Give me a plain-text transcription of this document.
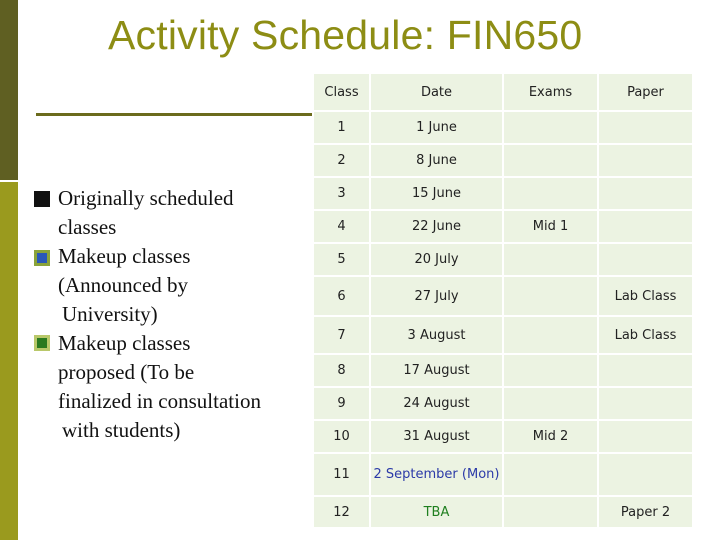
Activity Schedule: FIN650
Originally scheduled
classes
Makeup classes
(Announced by
University)
Makeup classes
proposed (To be
finalized in consultation
with students)
Class	Date	Exams	Paper
1	1 June		
2	8 June		
3	15 June		
4	22 June	Mid 1	
5	20 July		
6	27 July		Lab Class
7	3 August		Lab Class
8	17 August		
9	24 August		
10	31 August	Mid 2	
11	2 September (Mon)		
12	TBA		Paper 2
